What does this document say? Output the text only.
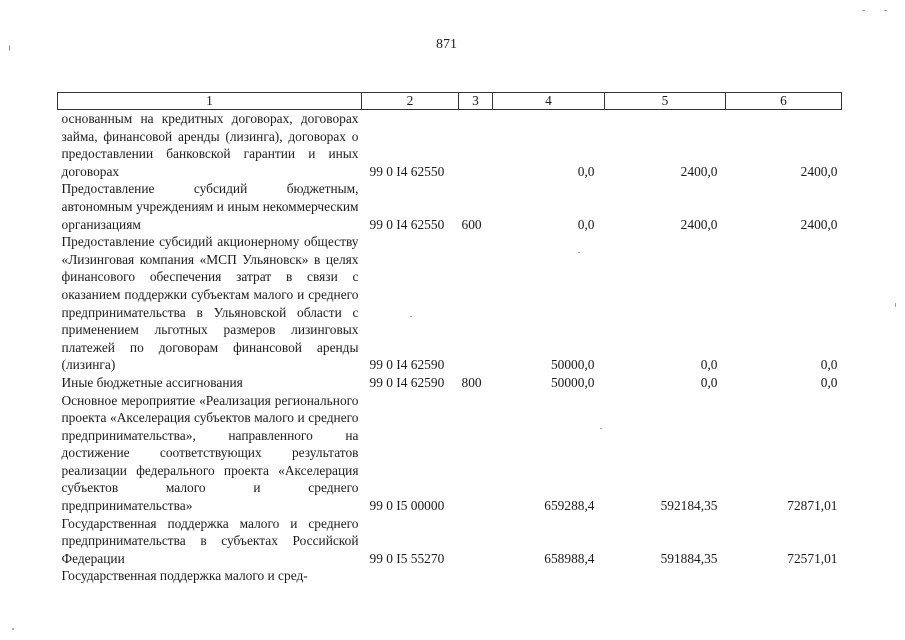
871
1	2	3	4	5	6
основанным на кредитных договорах, договорах займа, финансовой аренды (лизинга), договорах о предоставлении банковской гарантии и иных договорах	99 0 I4 62550		0,0	2400,0	2400,0
Предоставление субсидий бюджетным, автономным учреждениям и иным некоммерческим организациям	99 0 I4 62550	600	0,0	2400,0	2400,0
Предоставление субсидий акционерному обществу «Лизинговая компания «МСП Ульяновск» в целях финансового обеспечения затрат в связи с оказанием поддержки субъектам малого и среднего предпринимательства в Ульяновской области с применением льготных размеров лизинговых платежей по договорам финансовой аренды (лизинга)	99 0 I4 62590		50000,0	0,0	0,0
Иные бюджетные ассигнования	99 0 I4 62590	800	50000,0	0,0	0,0
Основное мероприятие «Реализация регионального проекта «Акселерация субъектов малого и среднего предпринимательства», направленного на достижение соответствующих результатов реализации федерального проекта «Акселерация субъектов малого и среднего предпринимательства»	99 0 I5 00000		659288,4	592184,35	72871,01
Государственная поддержка малого и среднего предпринимательства в субъектах Российской Федерации	99 0 I5 55270		658988,4	591884,35	72571,01
Государственная поддержка малого и сред-					
